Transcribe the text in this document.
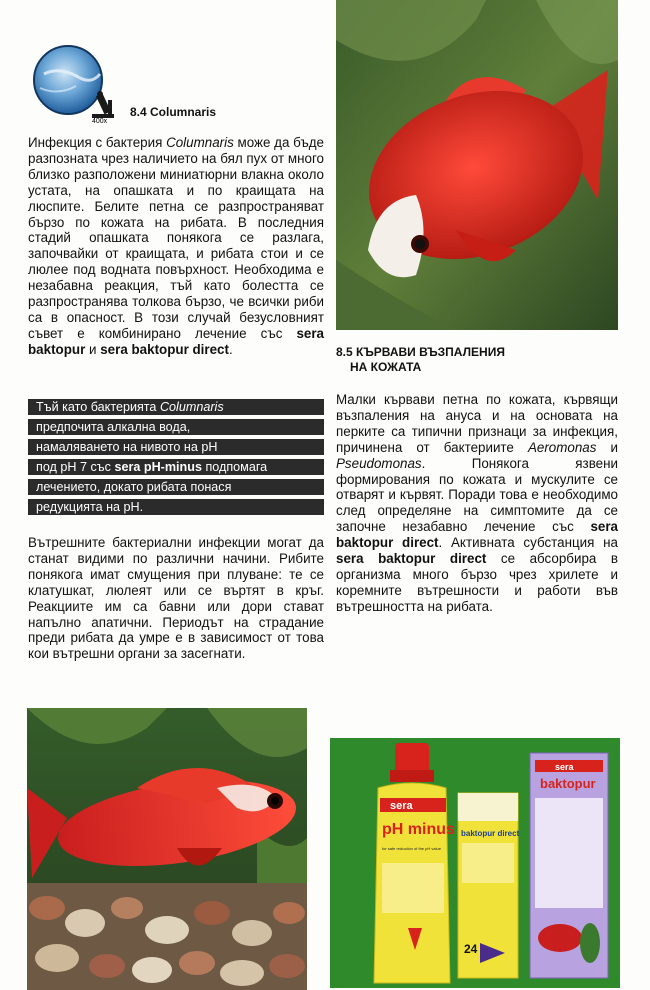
400x
8.4 Columnaris

Инфекция с бактерия Columnaris може да бъде разпозната чрез наличието на бял пух от много близко разположени миниатюрни влакна около устата, на опашката и по краищата на люспите. Белите петна се разпространяват бързо по кожата на рибата. В последния стадий опашката понякога се разлага, започвайки от краищата, и рибата стои и се люлее под водната повърхност. Необходима е незабавна реакция, тъй като болестта се разпространява толкова бързо, че всички риби са в опасност. В този случай безусловният съвет е комбинирано лечение със sera baktopur и sera baktopur direct.

Тъй като бактерията Columnaris
предпочита алкална вода,
намаляването на нивото на pH
под pH 7 със sera pH-minus подпомага
лечението, докато рибата понася
редукцията на pH.

Вътрешните бактериални инфекции могат да станат видими по различни начини. Рибите понякога имат смущения при плуване: те се клатушкат, люлеят или се въртят в кръг. Реакциите им са бавни или дори стават напълно апатични. Периодът на страдание преди рибата да умре е в зависимост от това кои вътрешни органи за засегнати.

8.5 КЪРВАВИ ВЪЗПАЛЕНИЯ
НА КОЖАТА

Малки кървави петна по кожата, кървящи възпаления на ануса и на основата на перките са типични признаци за инфекция, причинена от бактериите Aeromonas и Pseudomonas. Понякога язвени формирования по кожата и мускулите се отварят и кървят. Поради това е необходимо след определяне на симптомите да се започне незабавно лечение със sera baktopur direct. Активната субстанция на sera baktopur direct се абсорбира в организма много бързо чрез хрилете и коремните вътрешности и работи във вътрешността на рибата.

sera
pH minus
for safe reduction of the pH value
baktopur direct
24
sera
baktopur
